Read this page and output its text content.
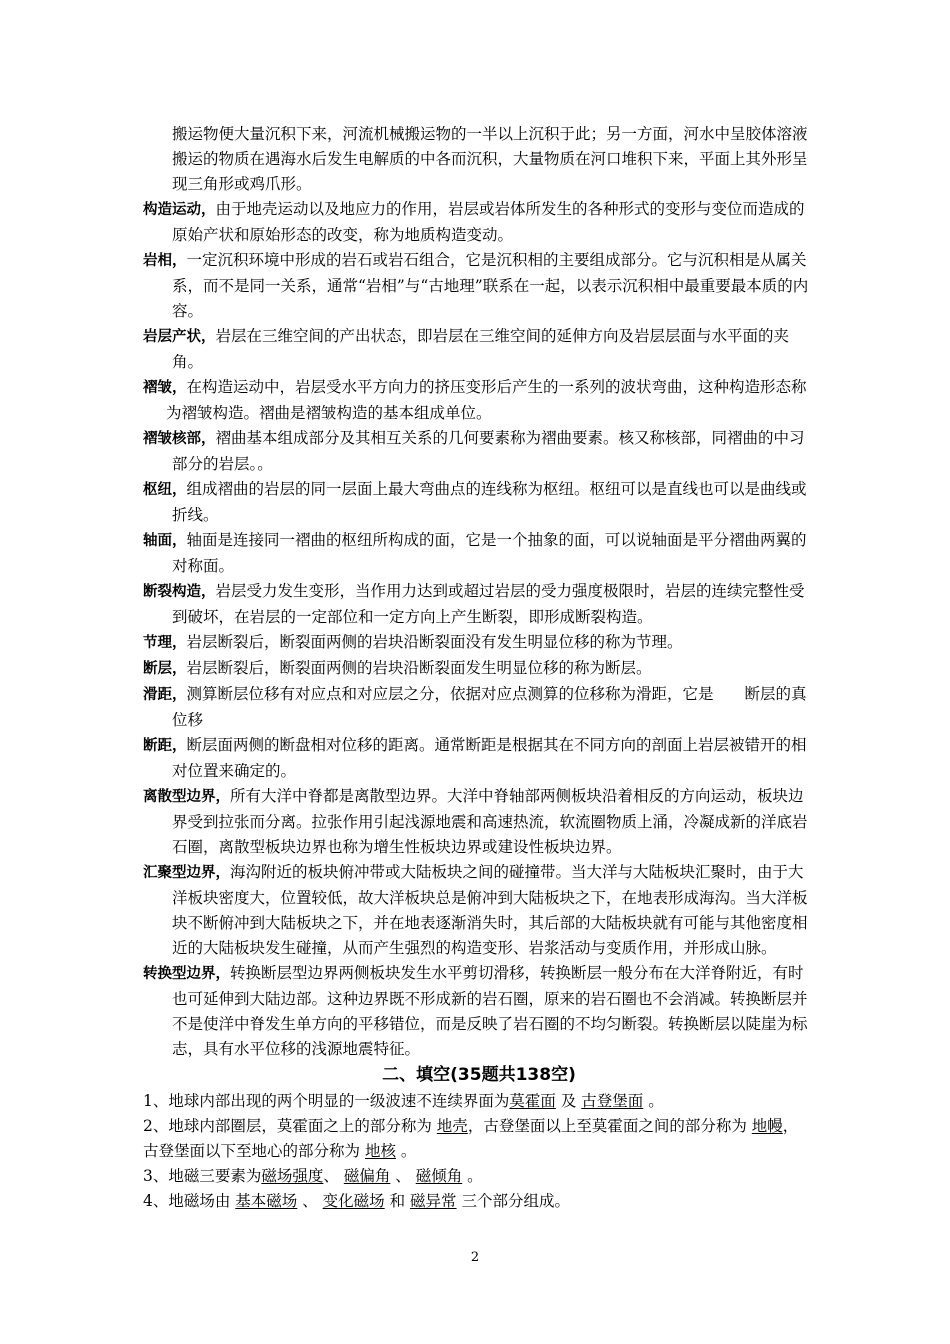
搬运物便大量沉积下来，河流机械搬运物的一半以上沉积于此；另一方面，河水中呈胶体溶液搬运的物质在遇海水后发生电解质的中各而沉积，大量物质在河口堆积下来，平面上其外形呈现三角形或鸡爪形。

构造运动，由于地壳运动以及地应力的作用，岩层或岩体所发生的各种形式的变形与变位而造成的原始产状和原始形态的改变，称为地质构造变动。

岩相，一定沉积环境中形成的岩石或岩石组合，它是沉积相的主要组成部分。它与沉积相是从属关系，而不是同一关系，通常“岩相”与“古地理”联系在一起，以表示沉积相中最重要最本质的内容。

岩层产状，岩层在三维空间的产出状态，即岩层在三维空间的延伸方向及岩层层面与水平面的夹角。

褶皱，在构造运动中，岩层受水平方向力的挤压变形后产生的一系列的波状弯曲，这种构造形态称为褶皱构造。褶曲是褶皱构造的基本组成单位。

褶皱核部，褶曲基本组成部分及其相互关系的几何要素称为褶曲要素。核又称核部，同褶曲的中习部分的岩层。。

枢纽，组成褶曲的岩层的同一层面上最大弯曲点的连线称为枢纽。枢纽可以是直线也可以是曲线或折线。

轴面，轴面是连接同一褶曲的枢纽所构成的面，它是一个抽象的面，可以说轴面是平分褶曲两翼的对称面。

断裂构造，岩层受力发生变形，当作用力达到或超过岩层的受力强度极限时，岩层的连续完整性受到破坏，在岩层的一定部位和一定方向上产生断裂，即形成断裂构造。

节理，岩层断裂后，断裂面两侧的岩块沿断裂面没有发生明显位移的称为节理。

断层，岩层断裂后，断裂面两侧的岩块沿断裂面发生明显位移的称为断层。

滑距，测算断层位移有对应点和对应层之分，依据对应点测算的位移称为滑距，它是　　断层的真位移

断距，断层面两侧的断盘相对位移的距离。通常断距是根据其在不同方向的剖面上岩层被错开的相对位置来确定的。

离散型边界，所有大洋中脊都是离散型边界。大洋中脊轴部两侧板块沿着相反的方向运动，板块边界受到拉张而分离。拉张作用引起浅源地震和高速热流，软流圈物质上涌，冷凝成新的洋底岩石圈，离散型板块边界也称为增生性板块边界或建设性板块边界。

汇聚型边界，海沟附近的板块俯冲带或大陆板块之间的碰撞带。当大洋与大陆板块汇聚时，由于大洋板块密度大，位置较低，故大洋板块总是俯冲到大陆板块之下，在地表形成海沟。当大洋板块不断俯冲到大陆板块之下，并在地表逐渐消失时，其后部的大陆板块就有可能与其他密度相近的大陆板块发生碰撞，从而产生强烈的构造变形、岩浆活动与变质作用，并形成山脉。

转换型边界，转换断层型边界两侧板块发生水平剪切滑移，转换断层一般分布在大洋脊附近，有时也可延伸到大陆边部。这种边界既不形成新的岩石圈，原来的岩石圈也不会消减。转换断层并不是使洋中脊发生单方向的平移错位，而是反映了岩石圈的不均匀断裂。转换断层以陡崖为标志，具有水平位移的浅源地震特征。

二、填空(35题共138空)

1、地球内部出现的两个明显的一级波速不连续界面为莫霍面 及 古登堡面 。

2、地球内部圈层，莫霍面之上的部分称为 地壳，古登堡面以上至莫霍面之间的部分称为 地幔， 古登堡面以下至地心的部分称为 地核 。

3、地磁三要素为磁场强度、 磁偏角 、 磁倾角 。

4、地磁场由 基本磁场 、 变化磁场 和 磁异常 三个部分组成。

2
